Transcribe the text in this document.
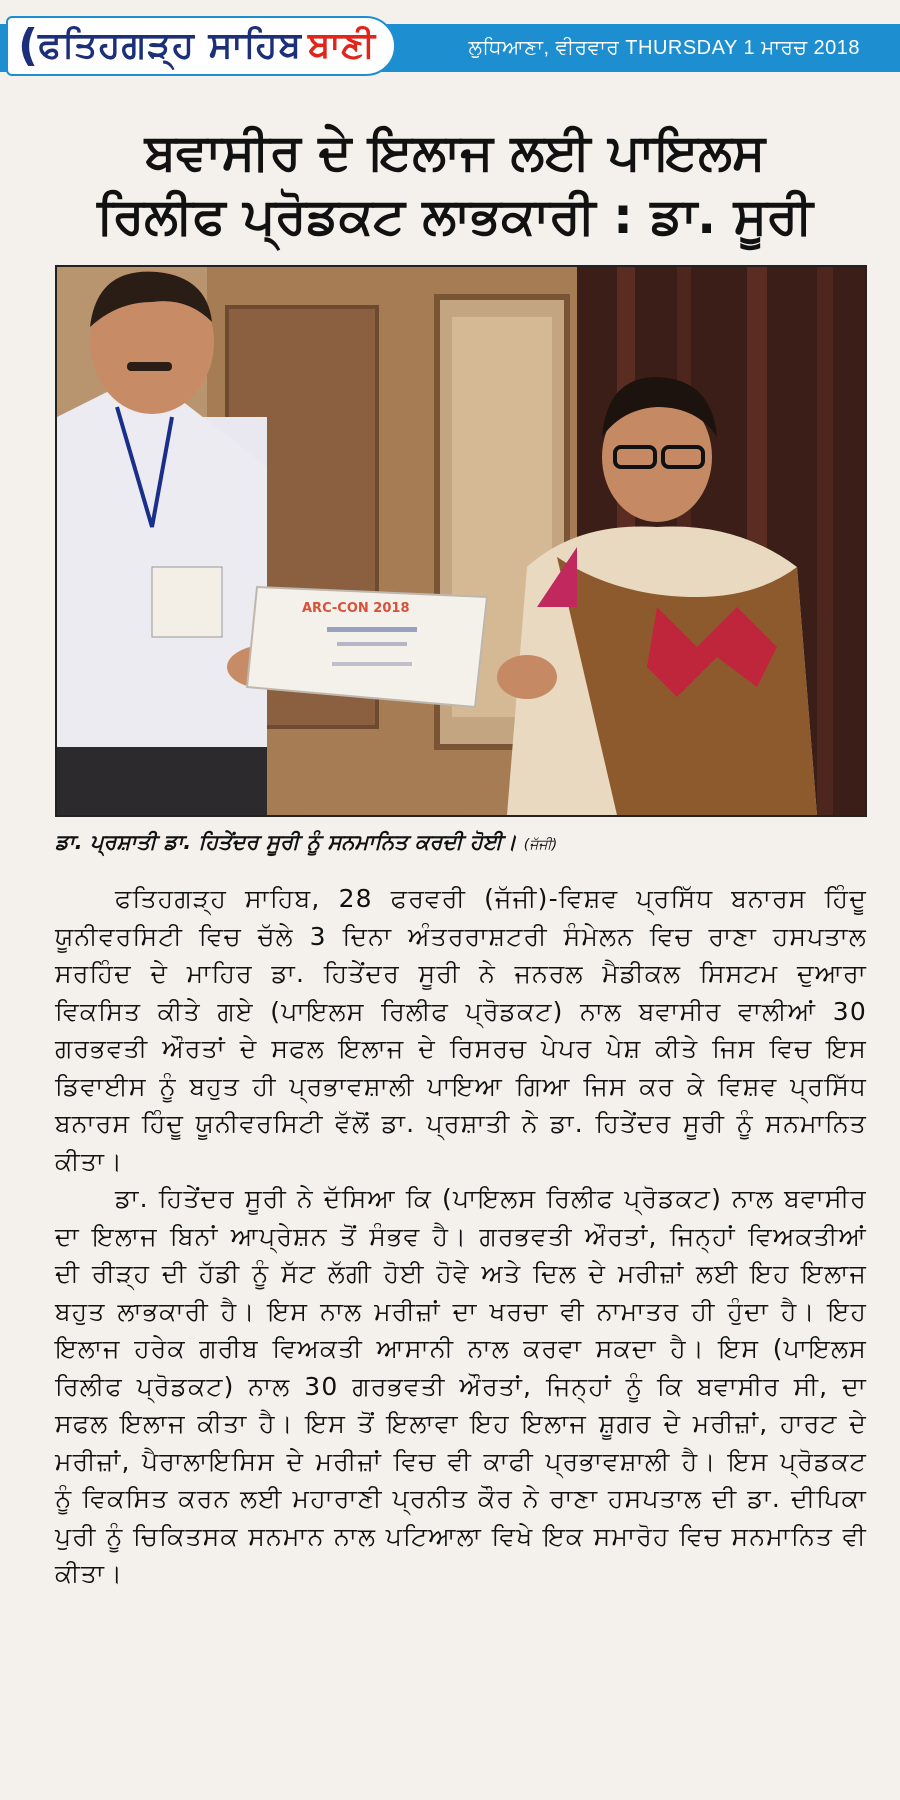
( ਫਤਿਹਗੜ੍ਹ ਸਾਹਿਬ ਬਾਣੀ	ਲੁਧਿਆਣਾ, ਵੀਰਵਾਰ THURSDAY 1 ਮਾਰਚ 2018
ਬਵਾਸੀਰ ਦੇ ਇਲਾਜ ਲਈ ਪਾਇਲਸ
ਰਿਲੀਫ ਪ੍ਰੋਡਕਟ ਲਾਭਕਾਰੀ : ਡਾ. ਸੂਰੀ
ARC-CON 2018
ਡਾ. ਪ੍ਰਸ਼ਾਤੀ ਡਾ. ਹਿਤੇਂਦਰ ਸੂਰੀ ਨੂੰ ਸਨਮਾਨਿਤ ਕਰਦੀ ਹੋਈ। (ਜੱਜੀ)

ਫਤਿਹਗੜ੍ਹ ਸਾਹਿਬ, 28 ਫਰਵਰੀ (ਜੱਜੀ)-ਵਿਸ਼ਵ ਪ੍ਰਸਿੱਧ ਬਨਾਰਸ ਹਿੰਦੂ ਯੂਨੀਵਰਸਿਟੀ ਵਿਚ ਚੱਲੇ 3 ਦਿਨਾ ਅੰਤਰਰਾਸ਼ਟਰੀ ਸੰਮੇਲਨ ਵਿਚ ਰਾਣਾ ਹਸਪਤਾਲ ਸਰਹਿੰਦ ਦੇ ਮਾਹਿਰ ਡਾ. ਹਿਤੇਂਦਰ ਸੂਰੀ ਨੇ ਜਨਰਲ ਮੈਡੀਕਲ ਸਿਸਟਮ ਦੁਆਰਾ ਵਿਕਸਿਤ ਕੀਤੇ ਗਏ (ਪਾਇਲਸ ਰਿਲੀਫ ਪ੍ਰੋਡਕਟ) ਨਾਲ ਬਵਾਸੀਰ ਵਾਲੀਆਂ 30 ਗਰਭਵਤੀ ਔਰਤਾਂ ਦੇ ਸਫਲ ਇਲਾਜ ਦੇ ਰਿਸਰਚ ਪੇਪਰ ਪੇਸ਼ ਕੀਤੇ ਜਿਸ ਵਿਚ ਇਸ ਡਿਵਾਈਸ ਨੂੰ ਬਹੁਤ ਹੀ ਪ੍ਰਭਾਵਸ਼ਾਲੀ ਪਾਇਆ ਗਿਆ ਜਿਸ ਕਰ ਕੇ ਵਿਸ਼ਵ ਪ੍ਰਸਿੱਧ ਬਨਾਰਸ ਹਿੰਦੂ ਯੂਨੀਵਰਸਿਟੀ ਵੱਲੋਂ ਡਾ. ਪ੍ਰਸ਼ਾਤੀ ਨੇ ਡਾ. ਹਿਤੇਂਦਰ ਸੂਰੀ ਨੂੰ ਸਨਮਾਨਿਤ ਕੀਤਾ।

ਡਾ. ਹਿਤੇਂਦਰ ਸੂਰੀ ਨੇ ਦੱਸਿਆ ਕਿ (ਪਾਇਲਸ ਰਿਲੀਫ ਪ੍ਰੋਡਕਟ) ਨਾਲ ਬਵਾਸੀਰ ਦਾ ਇਲਾਜ ਬਿਨਾਂ ਆਪ੍ਰੇਸ਼ਨ ਤੋਂ ਸੰਭਵ ਹੈ। ਗਰਭਵਤੀ ਔਰਤਾਂ, ਜਿਨ੍ਹਾਂ ਵਿਅਕਤੀਆਂ ਦੀ ਰੀੜ੍ਹ ਦੀ ਹੱਡੀ ਨੂੰ ਸੱਟ ਲੱਗੀ ਹੋਈ ਹੋਵੇ ਅਤੇ ਦਿਲ ਦੇ ਮਰੀਜ਼ਾਂ ਲਈ ਇਹ ਇਲਾਜ ਬਹੁਤ ਲਾਭਕਾਰੀ ਹੈ। ਇਸ ਨਾਲ ਮਰੀਜ਼ਾਂ ਦਾ ਖਰਚਾ ਵੀ ਨਾਮਾਤਰ ਹੀ ਹੁੰਦਾ ਹੈ। ਇਹ ਇਲਾਜ ਹਰੇਕ ਗਰੀਬ ਵਿਅਕਤੀ ਆਸਾਨੀ ਨਾਲ ਕਰਵਾ ਸਕਦਾ ਹੈ। ਇਸ (ਪਾਇਲਸ ਰਿਲੀਫ ਪ੍ਰੋਡਕਟ) ਨਾਲ 30 ਗਰਭਵਤੀ ਔਰਤਾਂ, ਜਿਨ੍ਹਾਂ ਨੂੰ ਕਿ ਬਵਾਸੀਰ ਸੀ, ਦਾ ਸਫਲ ਇਲਾਜ ਕੀਤਾ ਹੈ। ਇਸ ਤੋਂ ਇਲਾਵਾ ਇਹ ਇਲਾਜ ਸ਼ੂਗਰ ਦੇ ਮਰੀਜ਼ਾਂ, ਹਾਰਟ ਦੇ ਮਰੀਜ਼ਾਂ, ਪੈਰਾਲਾਇਸਿਸ ਦੇ ਮਰੀਜ਼ਾਂ ਵਿਚ ਵੀ ਕਾਫੀ ਪ੍ਰਭਾਵਸ਼ਾਲੀ ਹੈ। ਇਸ ਪ੍ਰੋਡਕਟ ਨੂੰ ਵਿਕਸਿਤ ਕਰਨ ਲਈ ਮਹਾਰਾਣੀ ਪ੍ਰਨੀਤ ਕੌਰ ਨੇ ਰਾਣਾ ਹਸਪਤਾਲ ਦੀ ਡਾ. ਦੀਪਿਕਾ ਪੁਰੀ ਨੂੰ ਚਿਕਿਤਸਕ ਸਨਮਾਨ ਨਾਲ ਪਟਿਆਲਾ ਵਿਖੇ ਇਕ ਸਮਾਰੋਹ ਵਿਚ ਸਨਮਾਨਿਤ ਵੀ ਕੀਤਾ।
